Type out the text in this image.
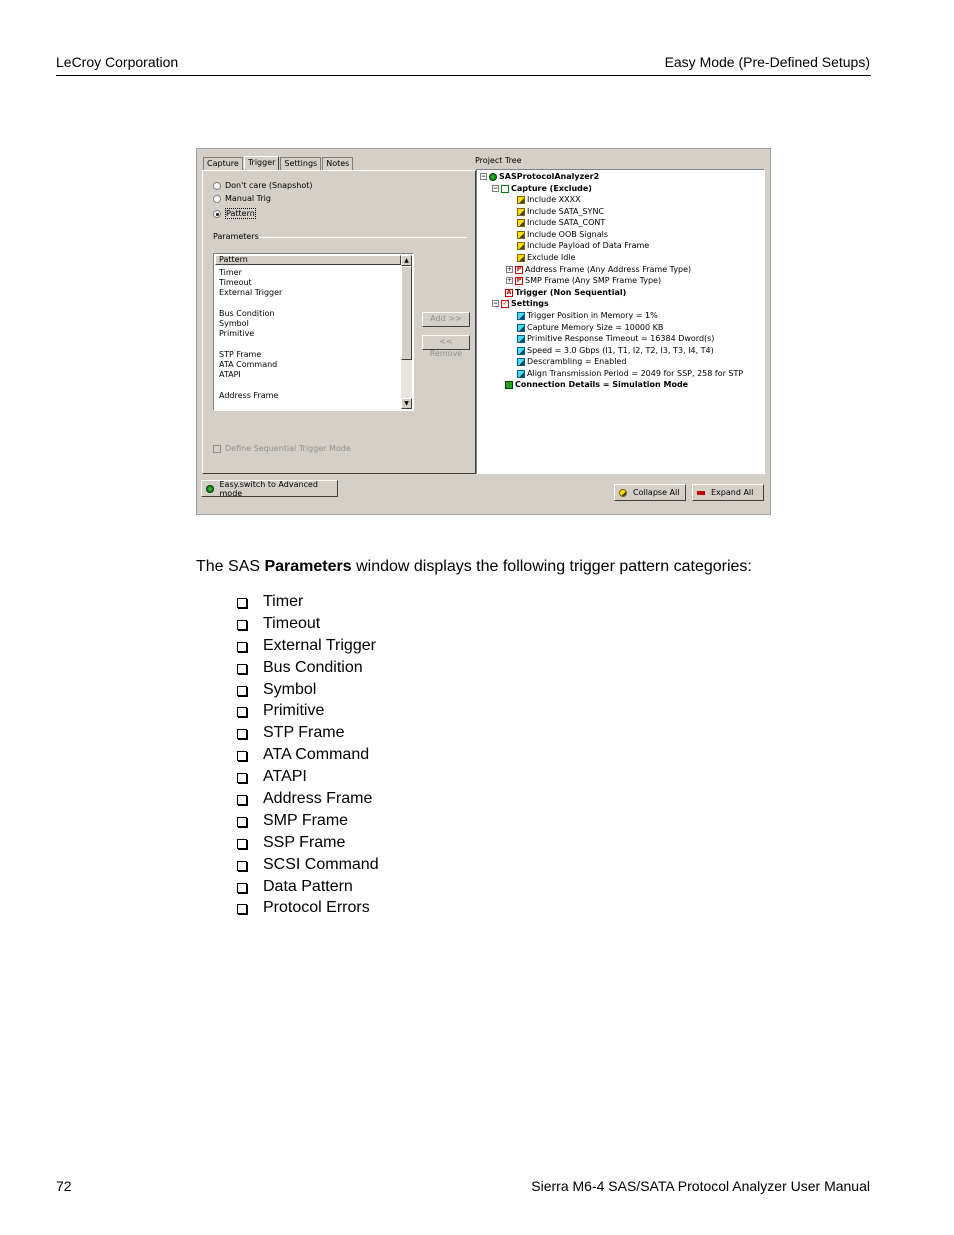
LeCroy Corporation	Easy Mode (Pre-Defined Setups)
Capture	Trigger	Settings	Notes
Don't care (Snapshot)
Manual Trig
Pattern
Parameters
Pattern
Timer
Timeout
External Trigger
Bus Condition
Symbol
Primitive
STP Frame
ATA Command
ATAPI
Address Frame
▲
▼
Add >>
<< Remove
Define Sequential Trigger Mode
Project Tree
− SASProtocolAnalyzer2
− Capture (Exclude)
Include XXXX
Include SATA_SYNC
Include SATA_CONT
Include OOB Signals
Include Payload of Data Frame
Exclude Idle
+ P Address Frame (Any Address Frame Type)
+ P SMP Frame (Any SMP Frame Type)
A Trigger (Non Sequential)
− ✓ Settings
Trigger Position in Memory = 1%
Capture Memory Size = 10000 KB
Primitive Response Timeout = 16384 Dword(s)
Speed = 3.0 Gbps (I1, T1, I2, T2, I3, T3, I4, T4)
Descrambling = Enabled
Align Transmission Period = 2049 for SSP, 258 for STP
Connection Details = Simulation Mode
Easy.switch to Advanced mode	Collapse All	Expand All
The SAS Parameters window displays the following trigger pattern categories:
Timer
Timeout
External Trigger
Bus Condition
Symbol
Primitive
STP Frame
ATA Command
ATAPI
Address Frame
SMP Frame
SSP Frame
SCSI Command
Data Pattern
Protocol Errors
72	Sierra M6-4 SAS/SATA Protocol Analyzer User Manual
